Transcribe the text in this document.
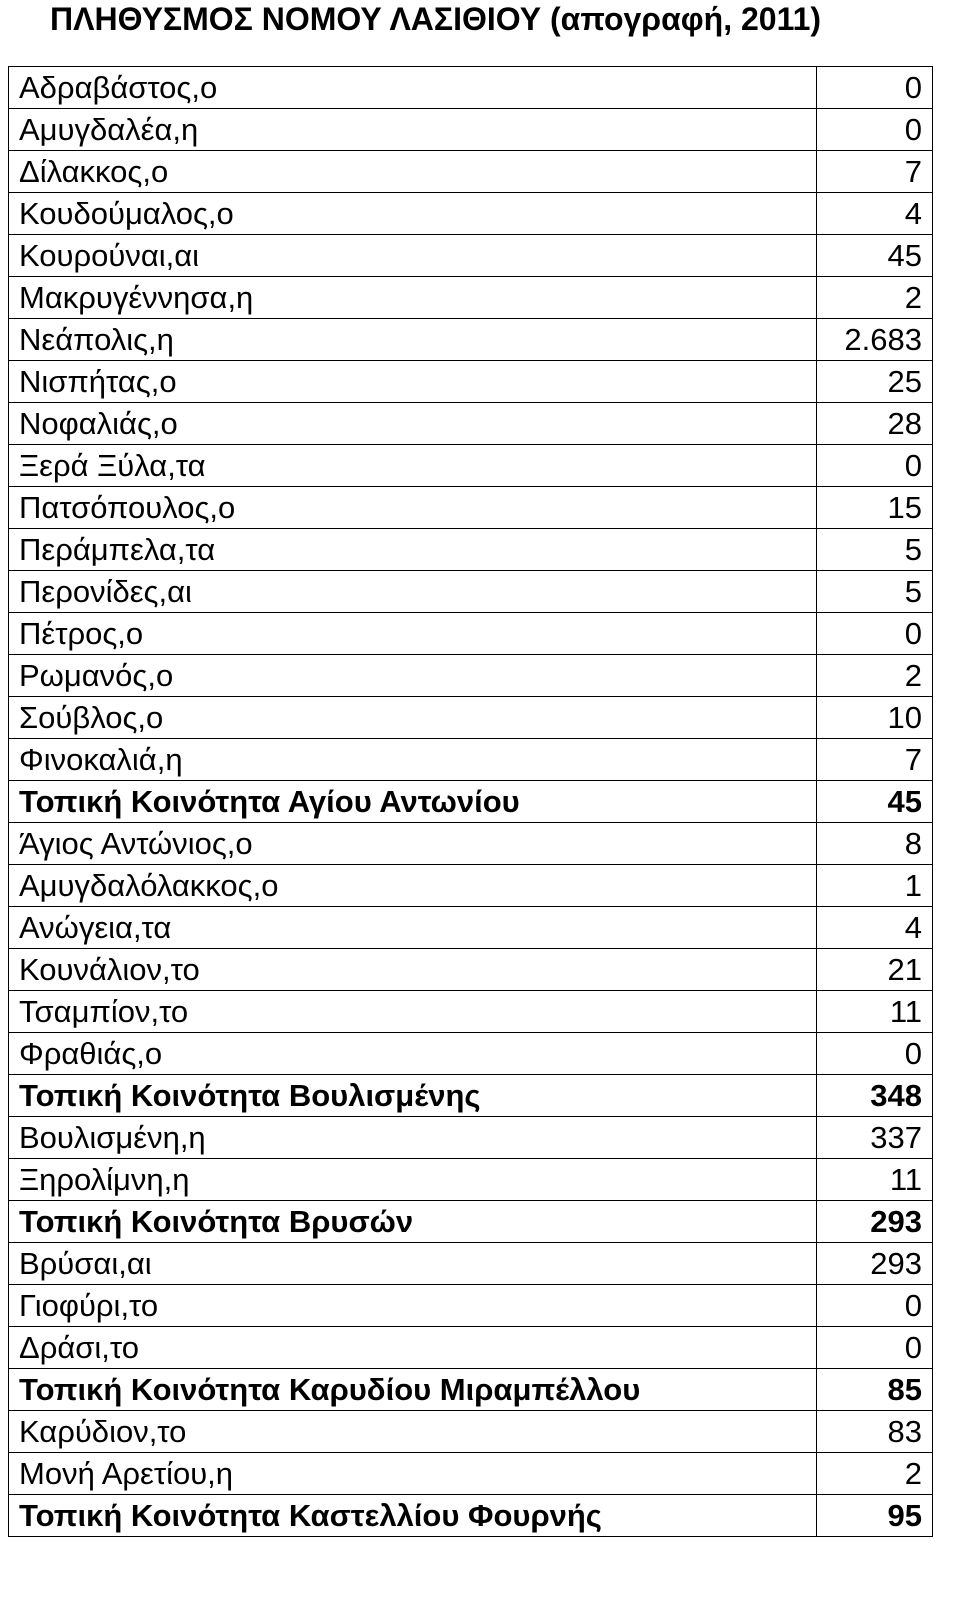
ΠΛΗΘΥΣΜΟΣ ΝΟΜΟΥ ΛΑΣΙΘΙΟΥ (απογραφή, 2011)
Αδραβάστος,ο	0
Αμυγδαλέα,η	0
Δίλακκος,ο	7
Κουδούμαλος,ο	4
Κουρούναι,αι	45
Μακρυγέννησα,η	2
Νεάπολις,η	2.683
Νισπήτας,ο	25
Νοφαλιάς,ο	28
Ξερά Ξύλα,τα	0
Πατσόπουλος,ο	15
Περάμπελα,τα	5
Περονίδες,αι	5
Πέτρος,ο	0
Ρωμανός,ο	2
Σούβλος,ο	10
Φινοκαλιά,η	7
Τοπική Κοινότητα Αγίου Αντωνίου	45
Άγιος Αντώνιος,ο	8
Αμυγδαλόλακκος,ο	1
Ανώγεια,τα	4
Κουνάλιον,το	21
Τσαμπίον,το	11
Φραθιάς,ο	0
Τοπική Κοινότητα Βουλισμένης	348
Βουλισμένη,η	337
Ξηρολίμνη,η	11
Τοπική Κοινότητα Βρυσών	293
Βρύσαι,αι	293
Γιοφύρι,το	0
Δράσι,το	0
Τοπική Κοινότητα Καρυδίου Μιραμπέλλου	85
Καρύδιον,το	83
Μονή Αρετίου,η	2
Τοπική Κοινότητα Καστελλίου Φουρνής	95
